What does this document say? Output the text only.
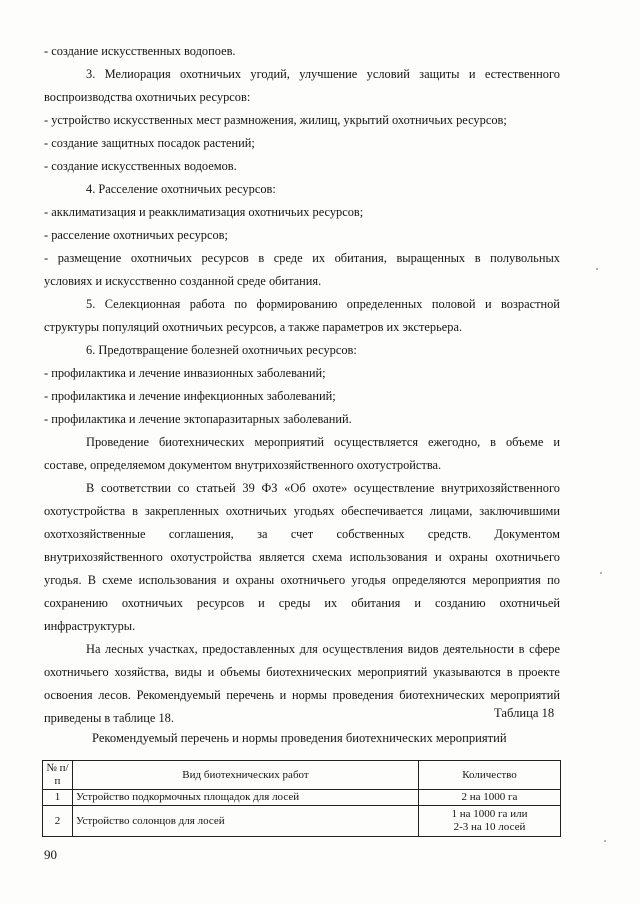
- создание искусственных водопоев.
3. Мелиорация охотничьих угодий, улучшение условий защиты и естественного
воспроизводства охотничьих ресурсов:
- устройство искусственных мест размножения, жилищ, укрытий охотничьих ресурсов;
- создание защитных посадок растений;
- создание искусственных водоемов.
4. Расселение охотничьих ресурсов:
- акклиматизация и реакклиматизация охотничьих ресурсов;
- расселение охотничьих ресурсов;
- размещение охотничьих ресурсов в среде их обитания, выращенных в полувольных
условиях и искусственно созданной среде обитания.
5. Селекционная работа по формированию определенных половой и возрастной
структуры популяций охотничьих ресурсов, а также параметров их экстерьера.
6. Предотвращение болезней охотничьих ресурсов:
- профилактика и лечение инвазионных заболеваний;
- профилактика и лечение инфекционных заболеваний;
- профилактика и лечение эктопаразитарных заболеваний.
Проведение биотехнических мероприятий осуществляется ежегодно, в объеме и
составе, определяемом документом внутрихозяйственного охотустройства.
В соответствии со статьей 39 ФЗ «Об охоте» осуществление внутрихозяйственного
охотустройства в закрепленных охотничьих угодьях обеспечивается лицами, заключившими
охотхозяйственные соглашения, за счет собственных средств. Документом
внутрихозяйственного охотустройства является схема использования и охраны охотничьего
угодья. В схеме использования и охраны охотничьего угодья определяются мероприятия по
сохранению охотничьих ресурсов и среды их обитания и созданию охотничьей
инфраструктуры.
На лесных участках, предоставленных для осуществления видов деятельности в сфере
охотничьего хозяйства, виды и объемы биотехнических мероприятий указываются в проекте
освоения лесов. Рекомендуемый перечень и нормы проведения биотехнических мероприятий
приведены в таблице 18.	Таблица 18
Рекомендуемый перечень и нормы проведения биотехнических мероприятий
№ п/п	Вид биотехнических работ	Количество
1	Устройство подкормочных площадок для лосей	2 на 1000 га
2	Устройство солонцов для лосей	1 на 1000 га или 2-3 на 10 лосей
90
